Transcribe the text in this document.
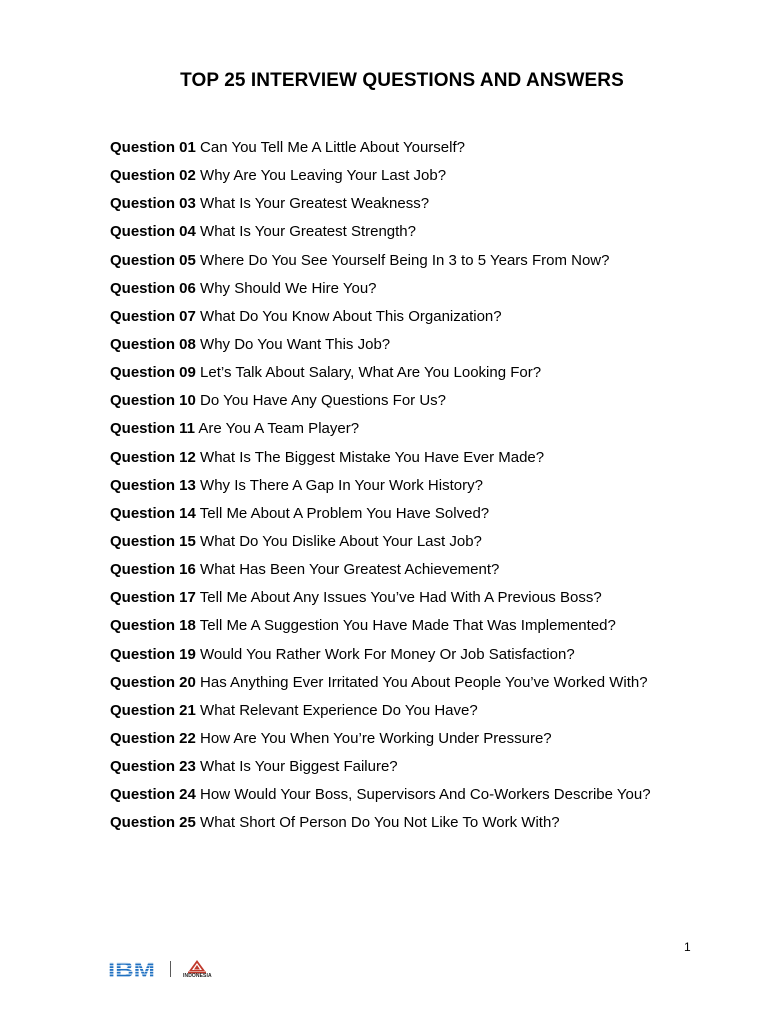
TOP 25 INTERVIEW QUESTIONS AND ANSWERS
Question 01 Can You Tell Me A Little About Yourself?
Question 02 Why Are You Leaving Your Last Job?
Question 03 What Is Your Greatest Weakness?
Question 04 What Is Your Greatest Strength?
Question 05 Where Do You See Yourself Being In 3 to 5 Years From Now?
Question 06 Why Should We Hire You?
Question 07 What Do You Know About This Organization?
Question 08 Why Do You Want This Job?
Question 09 Let’s Talk About Salary, What Are You Looking For?
Question 10 Do You Have Any Questions For Us?
Question 11 Are You A Team Player?
Question 12 What Is The Biggest Mistake You Have Ever Made?
Question 13 Why Is There A Gap In Your Work History?
Question 14 Tell Me About A Problem You Have Solved?
Question 15 What Do You Dislike About Your Last Job?
Question 16 What Has Been Your Greatest Achievement?
Question 17 Tell Me About Any Issues You’ve Had With A Previous Boss?
Question 18 Tell Me A Suggestion You Have Made That Was Implemented?
Question 19 Would You Rather Work For Money Or Job Satisfaction?
Question 20 Has Anything Ever Irritated You About People You’ve Worked With?
Question 21 What Relevant Experience Do You Have?
Question 22 How Are You When You’re Working Under Pressure?
Question 23 What Is Your Biggest Failure?
Question 24 How Would Your Boss, Supervisors And Co-Workers Describe You?
Question 25 What Short Of Person Do You Not Like To Work With?
1
IBM	INDONESIA
